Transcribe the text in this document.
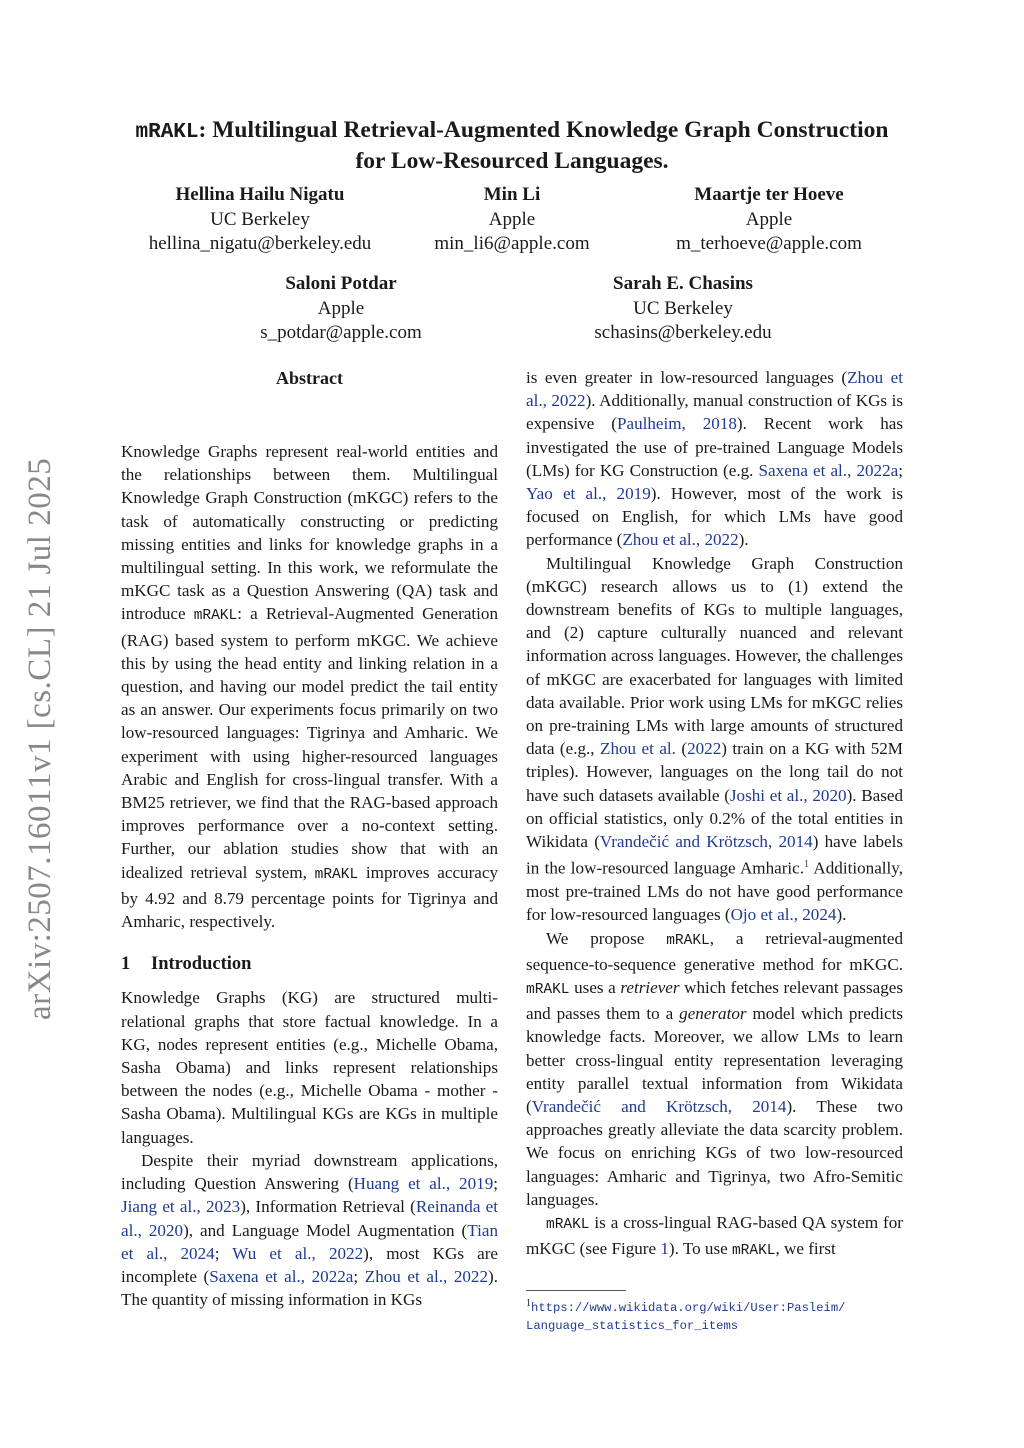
arXiv:2507.16011v1 [cs.CL] 21 Jul 2025
mRAKL: Multilingual Retrieval-Augmented Knowledge Graph Construction
for Low-Resourced Languages.
Hellina Hailu Nigatu
UC Berkeley
hellina_nigatu@berkeley.edu
Min Li
Apple
min_li6@apple.com
Maartje ter Hoeve
Apple
m_terhoeve@apple.com
Saloni Potdar
Apple
s_potdar@apple.com
Sarah E. Chasins
UC Berkeley
schasins@berkeley.edu
Abstract

Knowledge Graphs represent real-world entities and the relationships between them. Multilingual Knowledge Graph Construction (mKGC) refers to the task of automatically constructing or predicting missing entities and links for knowledge graphs in a multilingual setting. In this work, we reformulate the mKGC task as a Question Answering (QA) task and introduce mRAKL: a Retrieval-Augmented Generation (RAG) based system to perform mKGC. We achieve this by using the head entity and linking relation in a question, and having our model predict the tail entity as an answer. Our experiments focus primarily on two low-resourced languages: Tigrinya and Amharic. We experiment with using higher-resourced languages Arabic and English for cross-lingual transfer. With a BM25 retriever, we find that the RAG-based approach improves performance over a no-context setting. Further, our ablation studies show that with an idealized retrieval system, mRAKL improves accuracy by 4.92 and 8.79 percentage points for Tigrinya and Amharic, respectively.

1 Introduction

Knowledge Graphs (KG) are structured multi-relational graphs that store factual knowledge. In a KG, nodes represent entities (e.g., Michelle Obama, Sasha Obama) and links represent relationships between the nodes (e.g., Michelle Obama - mother - Sasha Obama). Multilingual KGs are KGs in multiple languages.

Despite their myriad downstream applications, including Question Answering (Huang et al., 2019; Jiang et al., 2023), Information Retrieval (Reinanda et al., 2020), and Language Model Augmentation (Tian et al., 2024; Wu et al., 2022), most KGs are incomplete (Saxena et al., 2022a; Zhou et al., 2022). The quantity of missing information in KGs

is even greater in low-resourced languages (Zhou et al., 2022). Additionally, manual construction of KGs is expensive (Paulheim, 2018). Recent work has investigated the use of pre-trained Language Models (LMs) for KG Construction (e.g. Saxena et al., 2022a; Yao et al., 2019). However, most of the work is focused on English, for which LMs have good performance (Zhou et al., 2022).

Multilingual Knowledge Graph Construction (mKGC) research allows us to (1) extend the downstream benefits of KGs to multiple languages, and (2) capture culturally nuanced and relevant information across languages. However, the challenges of mKGC are exacerbated for languages with limited data available. Prior work using LMs for mKGC relies on pre-training LMs with large amounts of structured data (e.g., Zhou et al. (2022) train on a KG with 52M triples). However, languages on the long tail do not have such datasets available (Joshi et al., 2020). Based on official statistics, only 0.2% of the total entities in Wikidata (Vrandečić and Krötzsch, 2014) have labels in the low-resourced language Amharic.$^1$ Additionally, most pre-trained LMs do not have good performance for low-resourced languages (Ojo et al., 2024).

We propose mRAKL, a retrieval-augmented sequence-to-sequence generative method for mKGC. mRAKL uses a retriever which fetches relevant passages and passes them to a generator model which predicts knowledge facts. Moreover, we allow LMs to learn better cross-lingual entity representation leveraging entity parallel textual information from Wikidata (Vrandečić and Krötzsch, 2014). These two approaches greatly alleviate the data scarcity problem. We focus on enriching KGs of two low-resourced languages: Amharic and Tigrinya, two Afro-Semitic languages.

mRAKL is a cross-lingual RAG-based QA system for mKGC (see Figure 1). To use mRAKL, we first

$^1$https://www.wikidata.org/wiki/User:Pasleim/
Language_statistics_for_items
